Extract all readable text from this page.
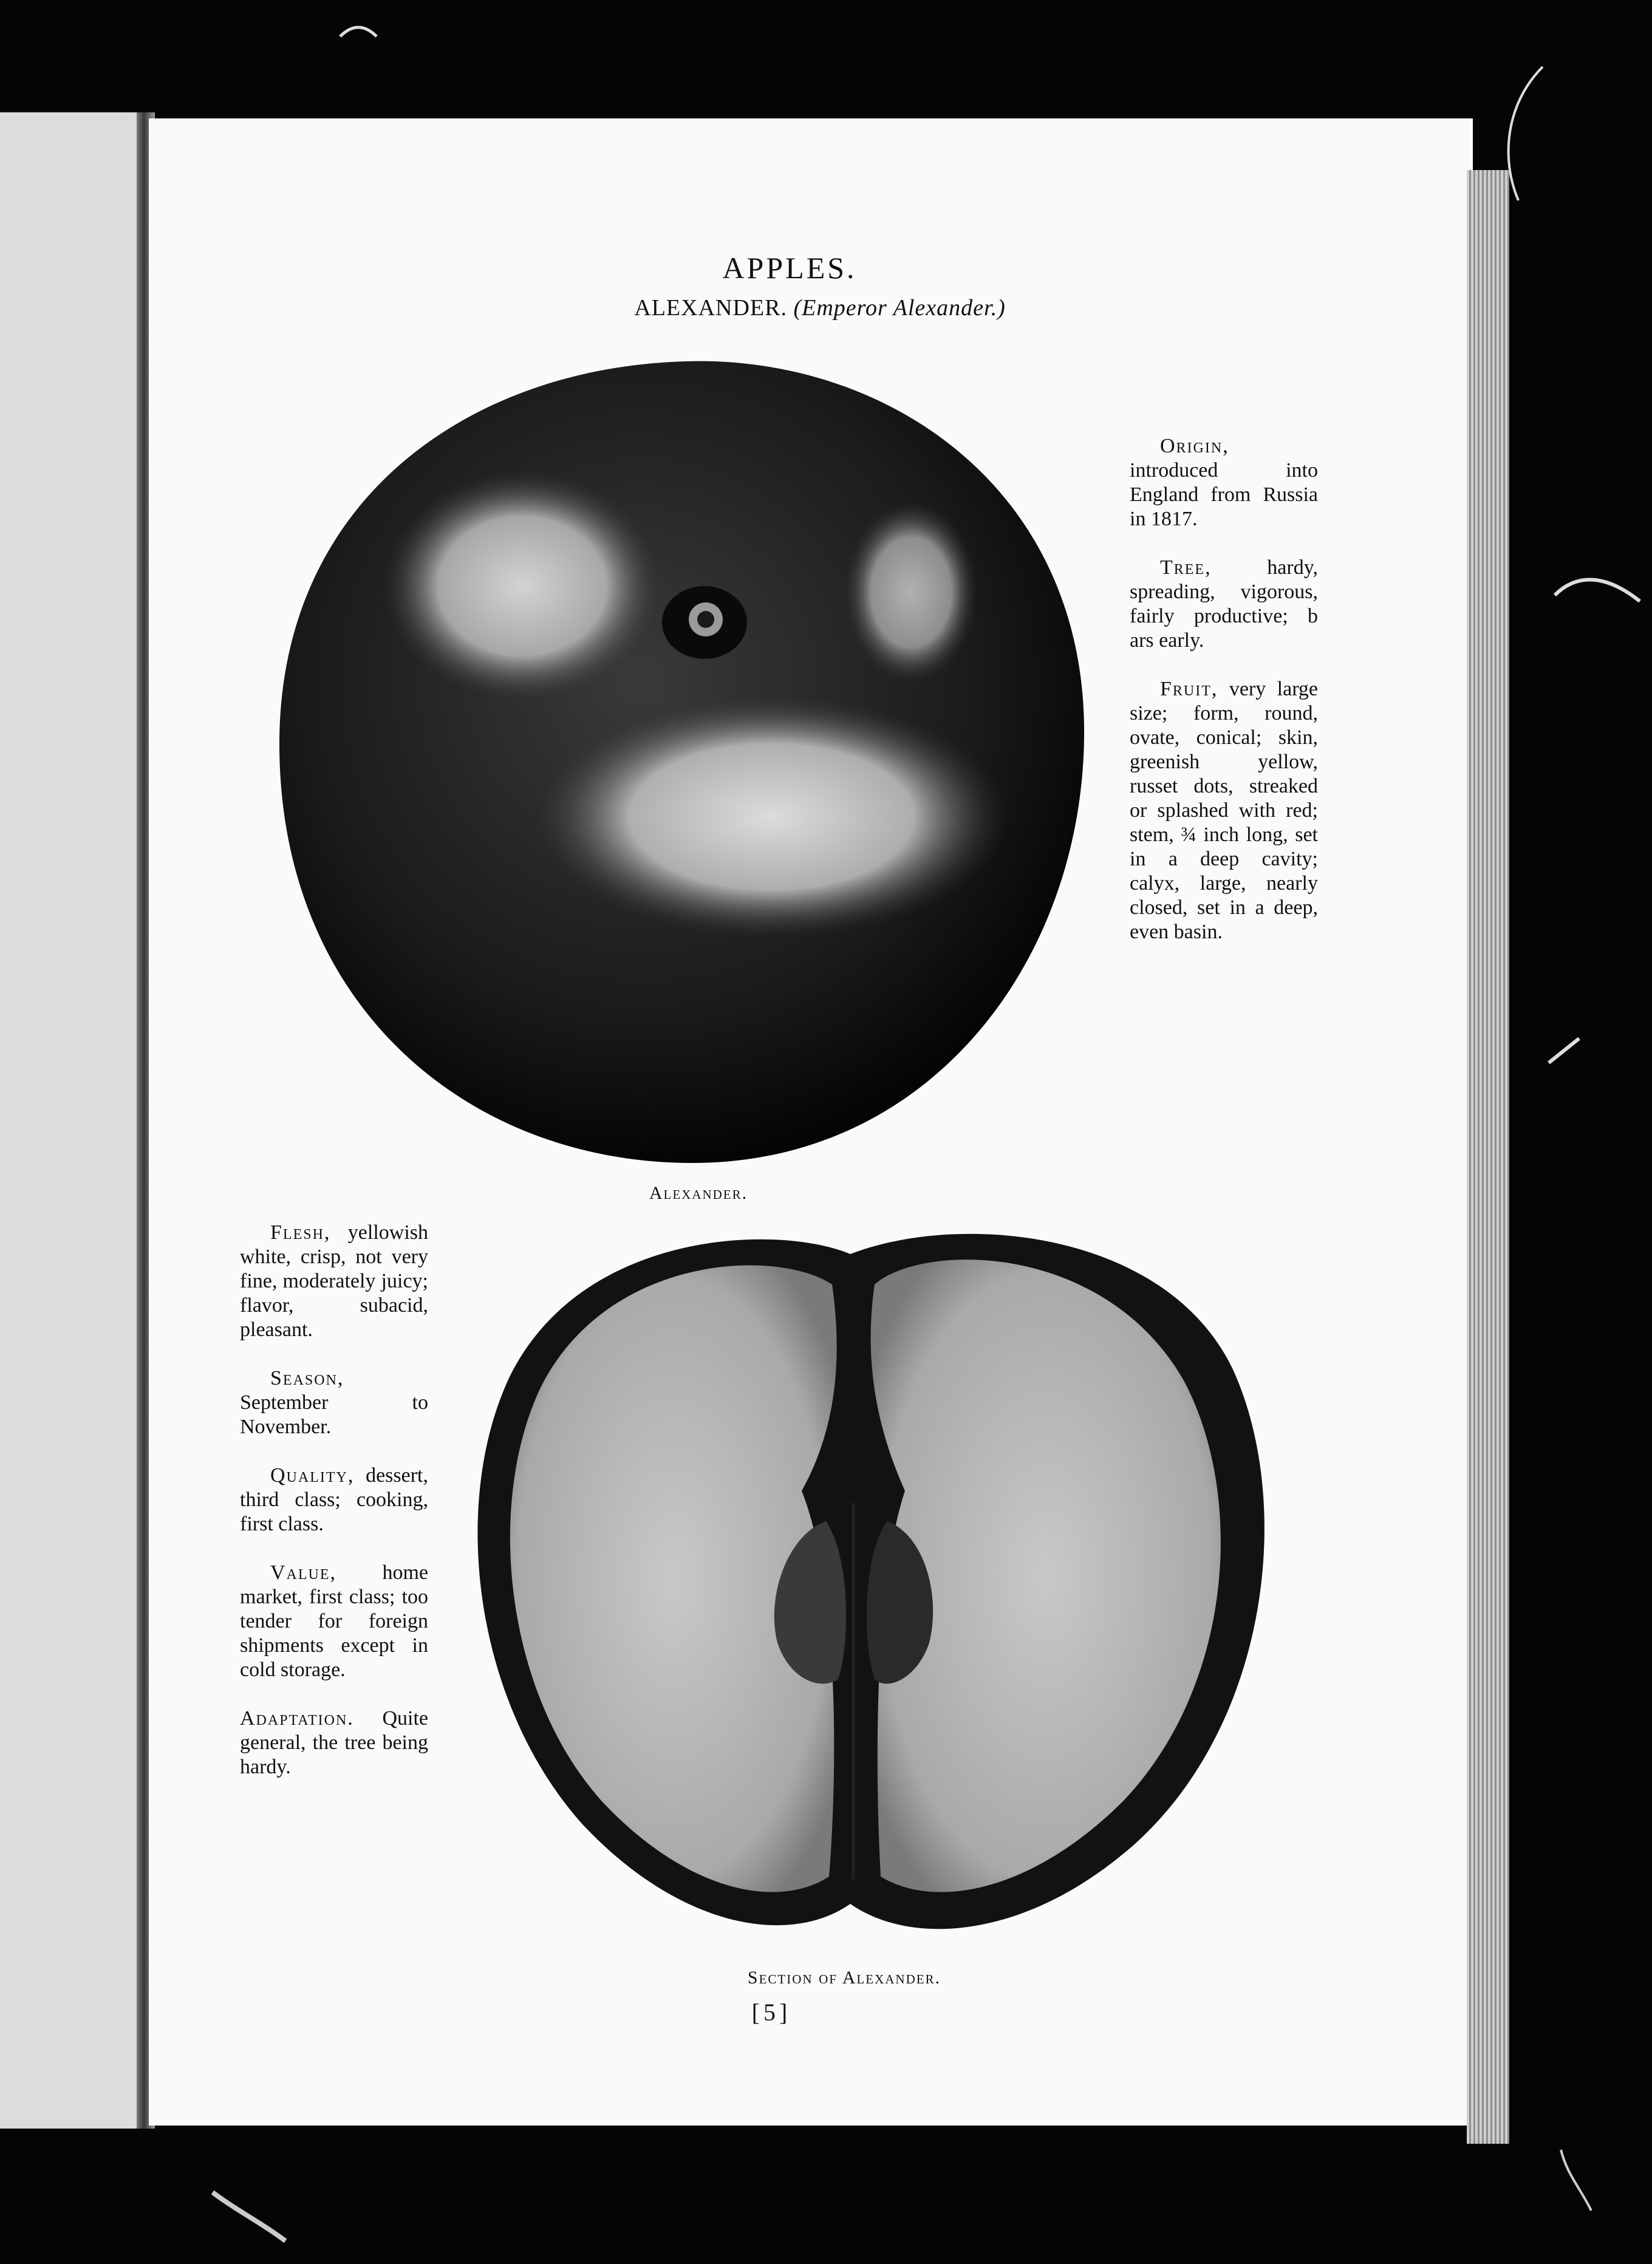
APPLES.
ALEXANDER. (Emperor Alexander.)
Alexander.
Section of Alexander.

Origin, introduced into England from Russia in 1817.

Tree, hardy, spreading, vigorous, fairly productive; b ars early.

Fruit, very large size; form, round, ovate, conical; skin, greenish yellow, russet dots, streaked or splashed with red; stem, ¾ inch long, set in a deep cavity; calyx, large, nearly closed, set in a deep, even basin.

Flesh, yellowish white, crisp, not very fine, moderately juicy; flavor, subacid, pleasant.

Season, September to November.

Quality, dessert, third class; cooking, first class.

Value, home market, first class; too tender for foreign shipments except in cold storage.

Adaptation. Quite general, the tree being hardy.

[5]
